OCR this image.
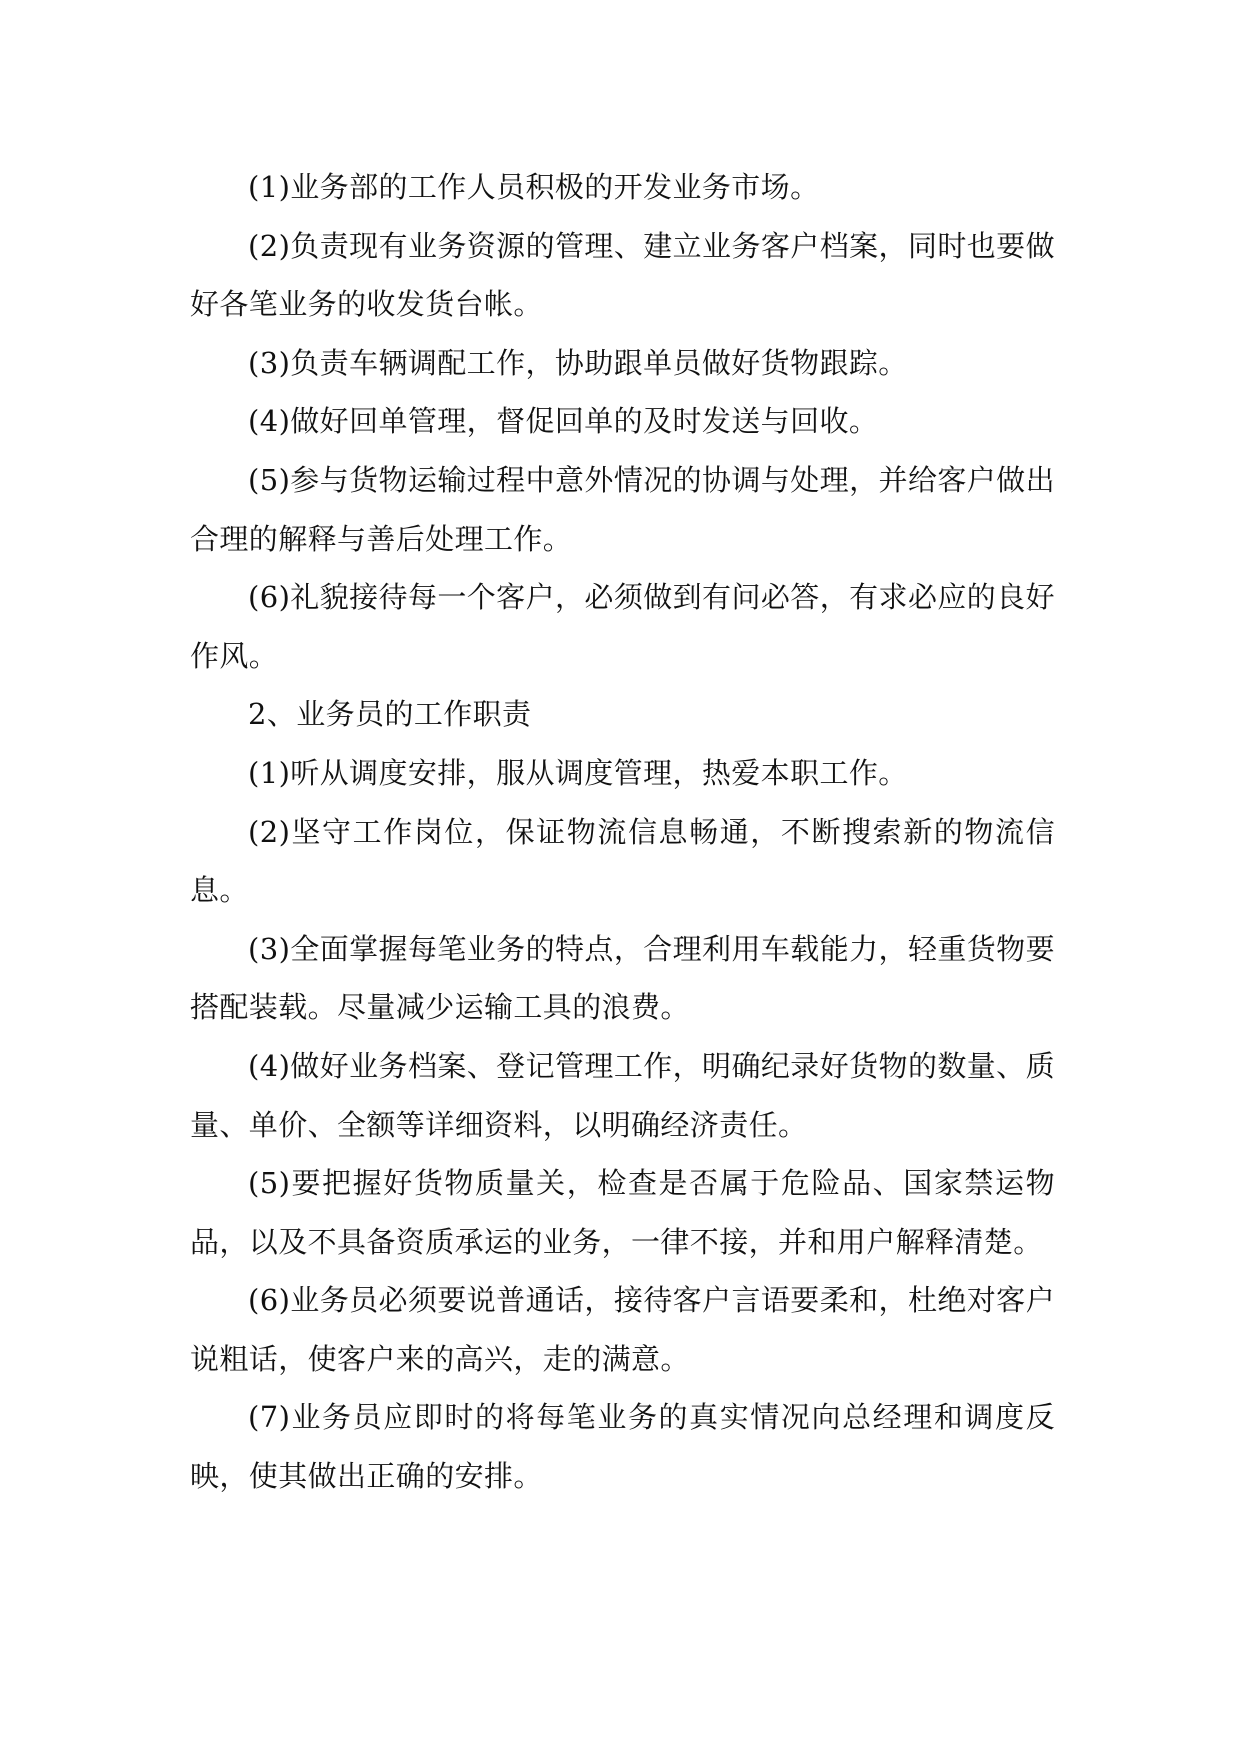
(1)业务部的工作人员积极的开发业务市场。

(2)负责现有业务资源的管理、建立业务客户档案，同时也要做好各笔业务的收发货台帐。

(3)负责车辆调配工作，协助跟单员做好货物跟踪。

(4)做好回单管理，督促回单的及时发送与回收。

(5)参与货物运输过程中意外情况的协调与处理，并给客户做出合理的解释与善后处理工作。

(6)礼貌接待每一个客户，必须做到有问必答，有求必应的良好作风。

2、业务员的工作职责

(1)听从调度安排，服从调度管理，热爱本职工作。

(2)坚守工作岗位，保证物流信息畅通，不断搜索新的物流信息。

(3)全面掌握每笔业务的特点，合理利用车载能力，轻重货物要搭配装载。尽量减少运输工具的浪费。

(4)做好业务档案、登记管理工作，明确纪录好货物的数量、质量、单价、全额等详细资料，以明确经济责任。

(5)要把握好货物质量关，检查是否属于危险品、国家禁运物品，以及不具备资质承运的业务，一律不接，并和用户解释清楚。

(6)业务员必须要说普通话，接待客户言语要柔和，杜绝对客户说粗话，使客户来的高兴，走的满意。

(7)业务员应即时的将每笔业务的真实情况向总经理和调度反映，使其做出正确的安排。
